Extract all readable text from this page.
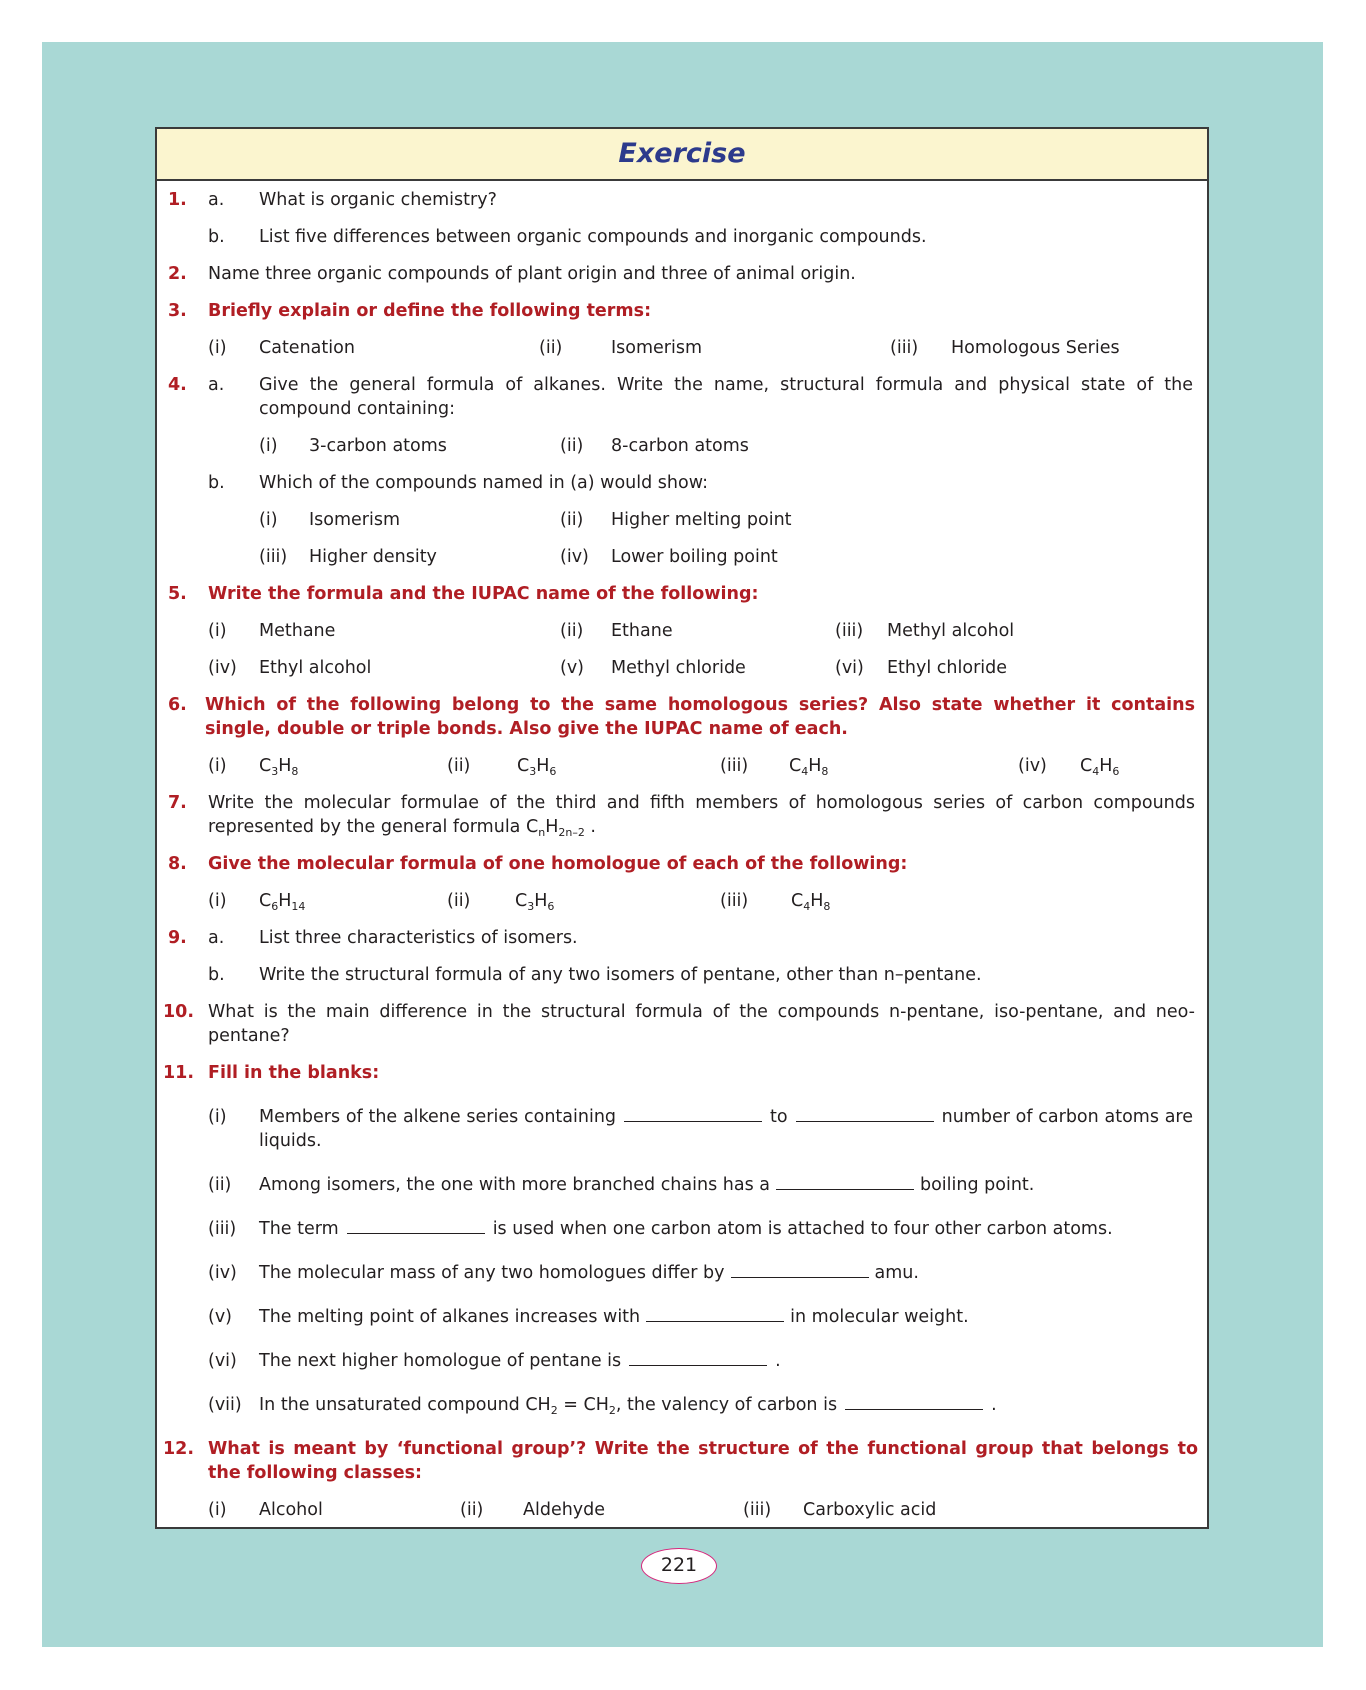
Exercise
1. a. What is organic chemistry?
b. List five differences between organic compounds and inorganic compounds.
2. Name three organic compounds of plant origin and three of animal origin.
3. Briefly explain or define the following terms:
(i) Catenation	(ii)	Isomerism	(iii) Homologous Series
4. a. Give the general formula of alkanes. Write the name, structural formula and physical state of the compound containing:
(i) 3-carbon atoms	(ii) 8-carbon atoms
b. Which of the compounds named in (a) would show:
(i) Isomerism	(ii) Higher melting point
(iii) Higher density	(iv) Lower boiling point
5. Write the formula and the IUPAC name of the following:
(i) Methane	(ii) Ethane	(iii) Methyl alcohol
(iv) Ethyl alcohol	(v) Methyl chloride	(vi) Ethyl chloride
6. Which of the following belong to the same homologous series? Also state whether it contains single, double or triple bonds. Also give the IUPAC name of each.
(i) $C_3H_8$	(ii)	$C_3H_6$	(iii) $C_4H_8$	(iv) $C_4H_6$
7. Write the molecular formulae of the third and fifth members of homologous series of carbon compounds represented by the general formula $C_nH_{2n-2}$ .
8. Give the molecular formula of one homologue of each of the following:
(i) $C_6H_{14}$	(ii)	$C_3H_6$	(iii) $C_4H_8$
9. a. List three characteristics of isomers.
b. Write the structural formula of any two isomers of pentane, other than n–pentane.
10. What is the main difference in the structural formula of the compounds n-pentane, iso-pentane, and neo-pentane?
11. Fill in the blanks:
(i) Members of the alkene series containing	to	number of carbon atoms are liquids.
(ii) Among isomers, the one with more branched chains has a	boiling point.
(iii) The term	is used when one carbon atom is attached to four other carbon atoms.
(iv) The molecular mass of any two homologues differ by	amu.
(v) The melting point of alkanes increases with	in molecular weight.
(vi) The next higher homologue of pentane is	.
(vii) In the unsaturated compound $CH_2 = CH_2$, the valency of carbon is	.
12. What is meant by ‘functional group’? Write the structure of the functional group that belongs to the following classes:
(i) Alcohol	(ii) Aldehyde	(iii) Carboxylic acid
221
